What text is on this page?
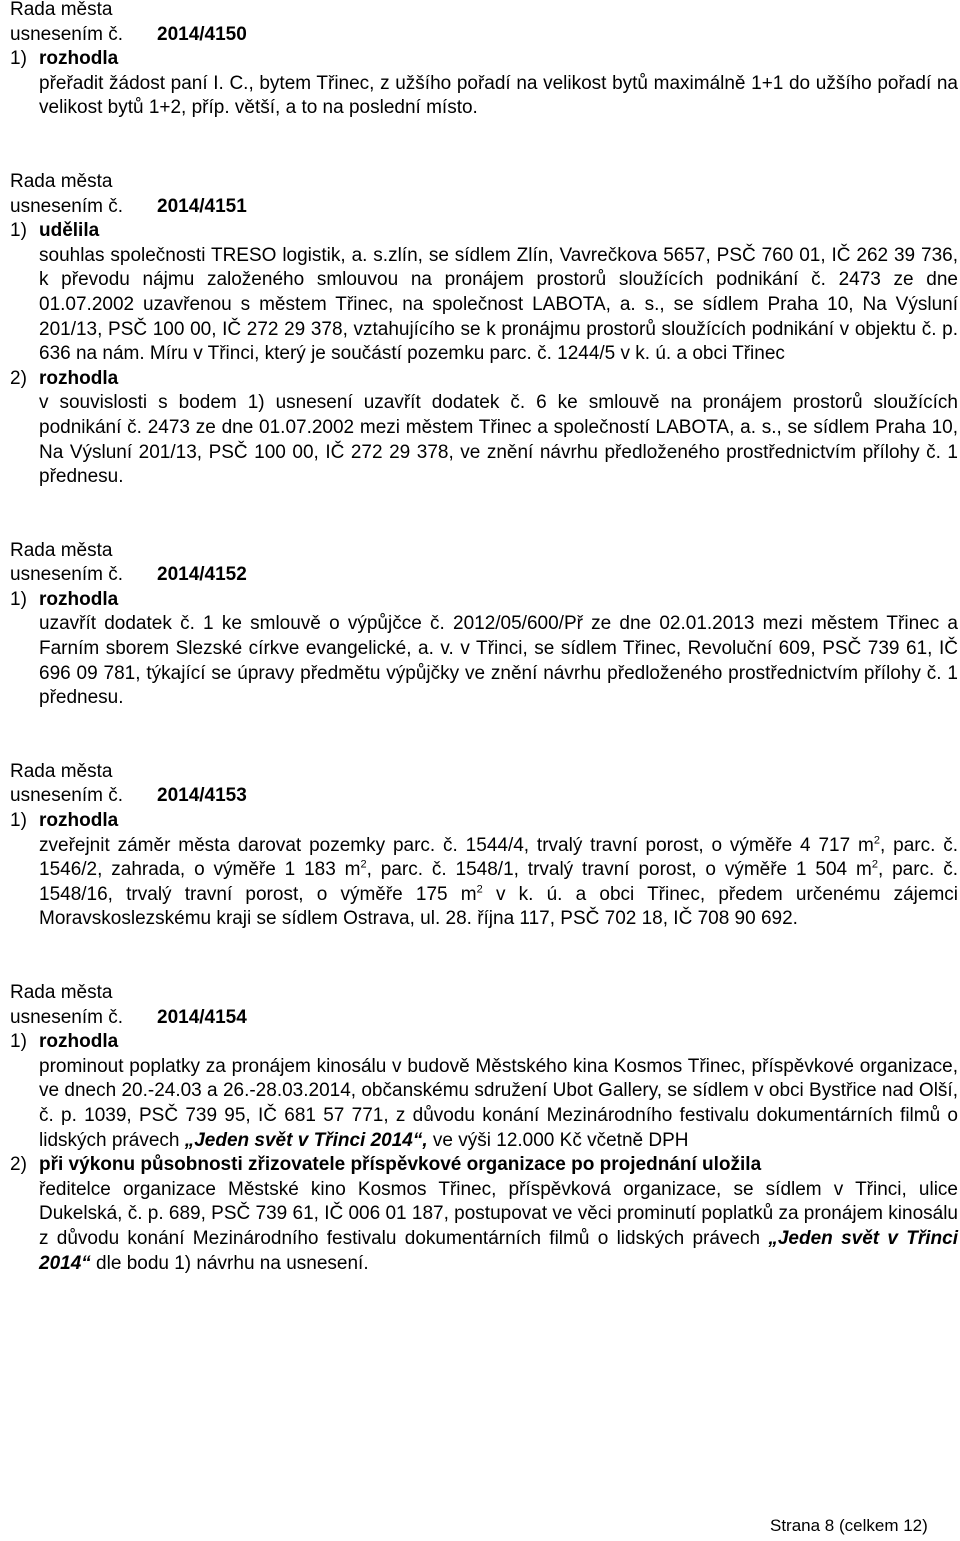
Rada města
usnesením č. 2014/4150
1) rozhodla
přeřadit žádost paní I. C., bytem Třinec, z užšího pořadí na velikost bytů maximálně 1+1 do užšího pořadí na velikost bytů 1+2, příp. větší, a to na poslední místo.
Rada města
usnesením č. 2014/4151
1) udělila
souhlas společnosti TRESO logistik, a. s.zlín, se sídlem Zlín, Vavrečkova 5657, PSČ 760 01, IČ 262 39 736, k převodu nájmu založeného smlouvou na pronájem prostorů sloužících podnikání č. 2473 ze dne 01.07.2002 uzavřenou s městem Třinec, na společnost LABOTA, a. s., se sídlem Praha 10, Na Výsluní 201/13, PSČ 100 00, IČ 272 29 378, vztahujícího se k pronájmu prostorů sloužících podnikání v objektu č. p. 636 na nám. Míru v Třinci, který je součástí pozemku parc. č. 1244/5 v k. ú. a obci Třinec
2) rozhodla
v souvislosti s bodem 1) usnesení uzavřít dodatek č. 6 ke smlouvě na pronájem prostorů sloužících podnikání č. 2473 ze dne 01.07.2002 mezi městem Třinec a společností LABOTA, a. s., se sídlem Praha 10, Na Výsluní 201/13, PSČ 100 00, IČ 272 29 378, ve znění návrhu předloženého prostřednictvím přílohy č. 1 přednesu.
Rada města
usnesením č. 2014/4152
1) rozhodla
uzavřít dodatek č. 1 ke smlouvě o výpůjčce č. 2012/05/600/Př ze dne 02.01.2013 mezi městem Třinec a Farním sborem Slezské církve evangelické, a. v. v Třinci, se sídlem Třinec, Revoluční 609, PSČ 739 61, IČ 696 09 781, týkající se úpravy předmětu výpůjčky ve znění návrhu předloženého prostřednictvím přílohy č. 1 přednesu.
Rada města
usnesením č. 2014/4153
1) rozhodla
zveřejnit záměr města darovat pozemky parc. č. 1544/4, trvalý travní porost, o výměře 4 717 $m^2$, parc. č. 1546/2, zahrada, o výměře 1 183 $m^2$, parc. č. 1548/1, trvalý travní porost, o výměře 1 504 $m^2$, parc. č. 1548/16, trvalý travní porost, o výměře 175 $m^2$ v k. ú. a obci Třinec, předem určenému zájemci Moravskoslezskému kraji se sídlem Ostrava, ul. 28. října 117, PSČ 702 18, IČ 708 90 692.
Rada města
usnesením č. 2014/4154
1) rozhodla
prominout poplatky za pronájem kinosálu v budově Městského kina Kosmos Třinec, příspěvkové organizace, ve dnech 20.-24.03 a 26.-28.03.2014, občanskému sdružení Ubot Gallery, se sídlem v obci Bystřice nad Olší, č. p. 1039, PSČ 739 95, IČ 681 57 771, z důvodu konání Mezinárodního festivalu dokumentárních filmů o lidských právech „Jeden svět v Třinci 2014“, ve výši 12.000 Kč včetně DPH
2) při výkonu působnosti zřizovatele příspěvkové organizace po projednání uložila
ředitelce organizace Městské kino Kosmos Třinec, příspěvková organizace, se sídlem v Třinci, ulice Dukelská, č. p. 689, PSČ 739 61, IČ 006 01 187, postupovat ve věci prominutí poplatků za pronájem kinosálu z důvodu konání Mezinárodního festivalu dokumentárních filmů o lidských právech „Jeden svět v Třinci 2014“ dle bodu 1) návrhu na usnesení.
Strana 8 (celkem 12)
